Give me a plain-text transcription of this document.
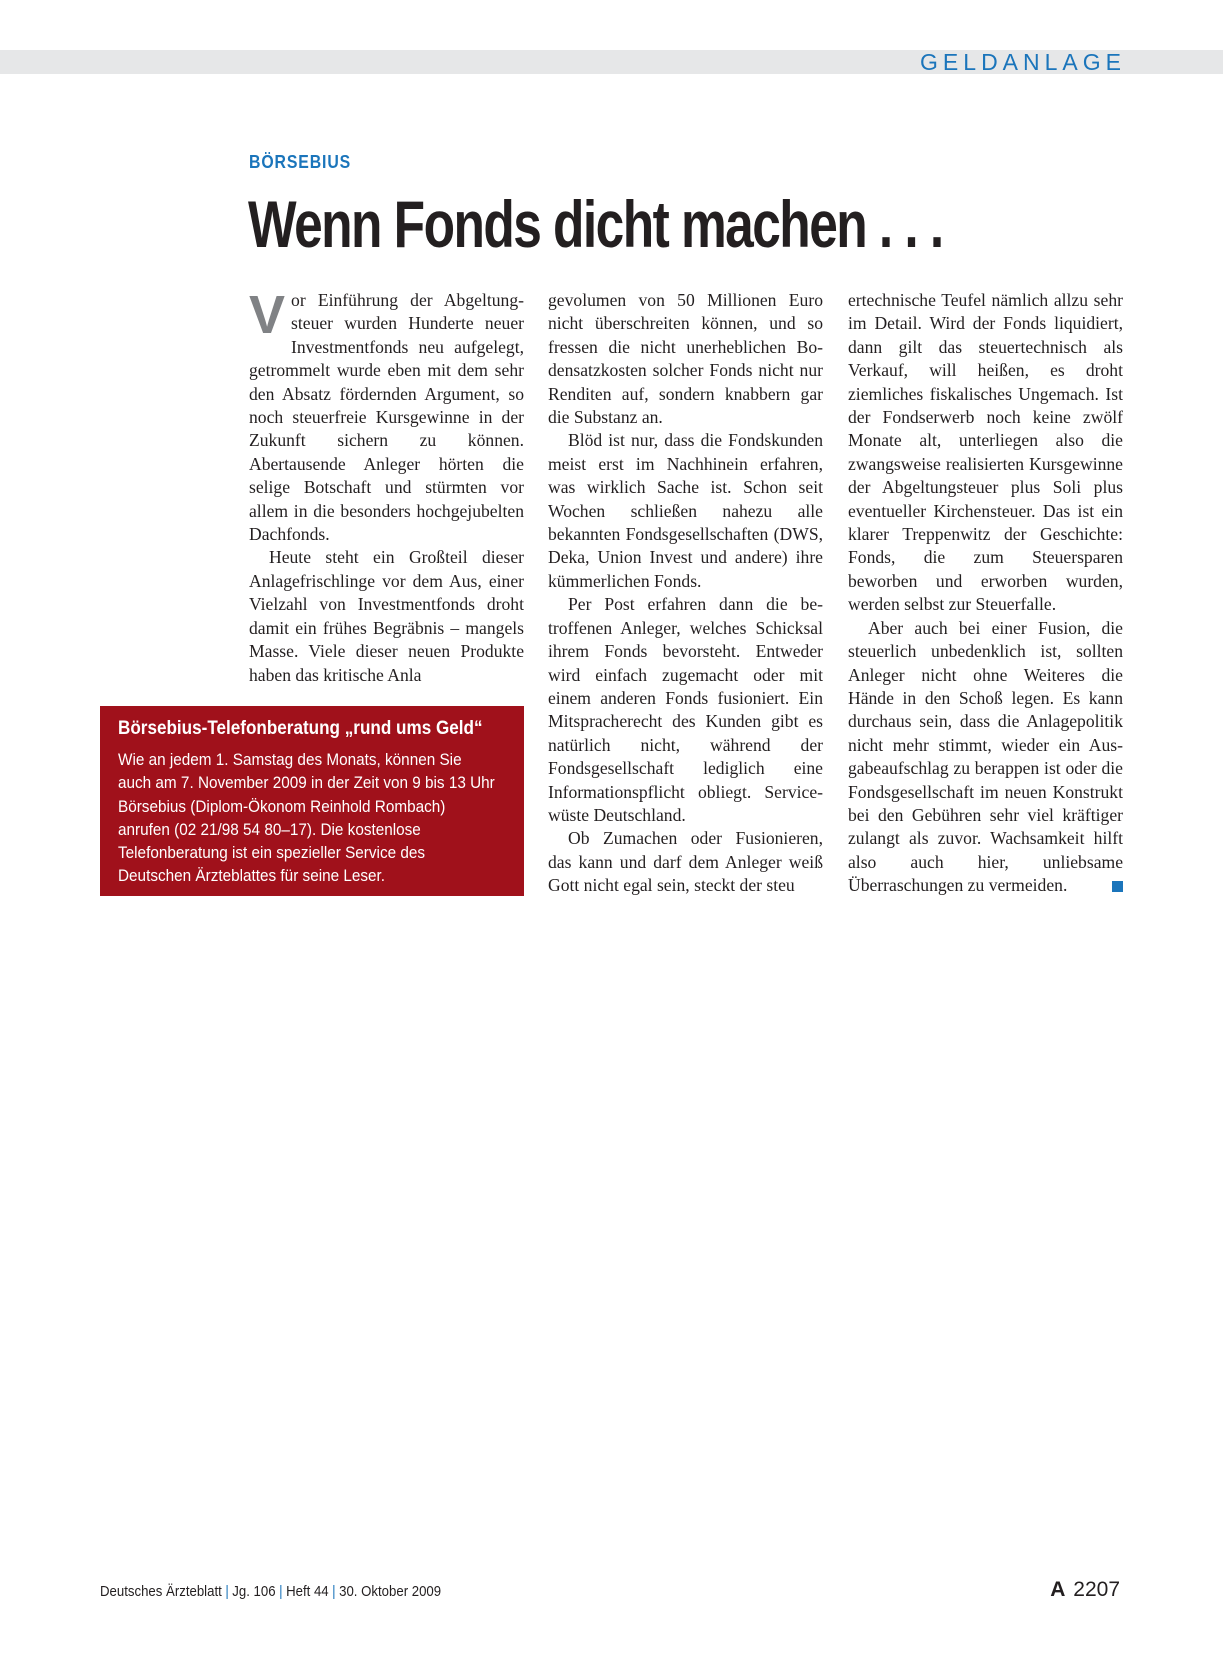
GELDANLAGE
BÖRSEBIUS
Wenn Fonds dicht machen . . .

Vor Einführung der Abgeltungsteuer wurden Hunderte neuer Investmentfonds neu aufgelegt, getrommelt wurde eben mit dem sehr den Absatz fördernden Argument, so noch steuerfreie Kursgewinne in der Zukunft sichern zu können. Abertausende Anleger hörten die selige Botschaft und stürmten vor allem in die besonders hochgejubelten Dachfonds.

Heute steht ein Großteil dieser Anlagefrischlinge vor dem Aus, einer Vielzahl von Investmentfonds droht damit ein frühes Begräbnis – mangels Masse. Viele dieser neuen Produkte haben das kritische Anla

gevolumen von 50 Millionen Euro nicht überschreiten können, und so fressen die nicht unerheblichen Bodensatzkosten solcher Fonds nicht nur Renditen auf, sondern knabbern gar die Substanz an.

Blöd ist nur, dass die Fondskunden meist erst im Nachhinein erfahren, was wirklich Sache ist. Schon seit Wochen schließen nahezu alle bekannten Fondsgesellschaften (DWS, Deka, Union Invest und andere) ihre kümmerlichen Fonds.

Per Post erfahren dann die betroffenen Anleger, welches Schicksal ihrem Fonds bevorsteht. Entweder wird einfach zugemacht oder mit einem anderen Fonds fusioniert. Ein Mitspracherecht des Kunden gibt es natürlich nicht, während der Fondsgesellschaft lediglich eine Informationspflicht obliegt. Servicewüste Deutschland.

Ob Zumachen oder Fusionieren, das kann und darf dem Anleger weiß Gott nicht egal sein, steckt der steu

ertechnische Teufel nämlich allzu sehr im Detail. Wird der Fonds liquidiert, dann gilt das steuertechnisch als Verkauf, will heißen, es droht ziemliches fiskalisches Ungemach. Ist der Fondserwerb noch keine zwölf Monate alt, unterliegen also die zwangsweise realisierten Kursgewinne der Abgeltungsteuer plus Soli plus eventueller Kirchensteuer. Das ist ein klarer Treppenwitz der Geschichte: Fonds, die zum Steuersparen beworben und erworben wurden, werden selbst zur Steuerfalle.

Aber auch bei einer Fusion, die steuerlich unbedenklich ist, sollten Anleger nicht ohne Weiteres die Hände in den Schoß legen. Es kann durchaus sein, dass die Anlagepolitik nicht mehr stimmt, wieder ein Ausgabeaufschlag zu berappen ist oder die Fondsgesellschaft im neuen Konstrukt bei den Gebühren sehr viel kräftiger zulangt als zuvor. Wachsamkeit hilft also auch hier, unliebsame Überraschungen zu vermeiden.

Börsebius-Telefonberatung „rund ums Geld“
Wie an jedem 1. Samstag des Monats, können Sie
auch am 7. November 2009 in der Zeit von 9 bis 13 Uhr
Börsebius (Diplom-Ökonom Reinhold Rombach)
anrufen (02 21/98 54 80–17). Die kostenlose
Telefonberatung ist ein spezieller Service des
Deutschen Ärzteblattes für seine Leser.
Deutsches Ärzteblatt | Jg. 106 | Heft 44 | 30. Oktober 2009	A 2207
